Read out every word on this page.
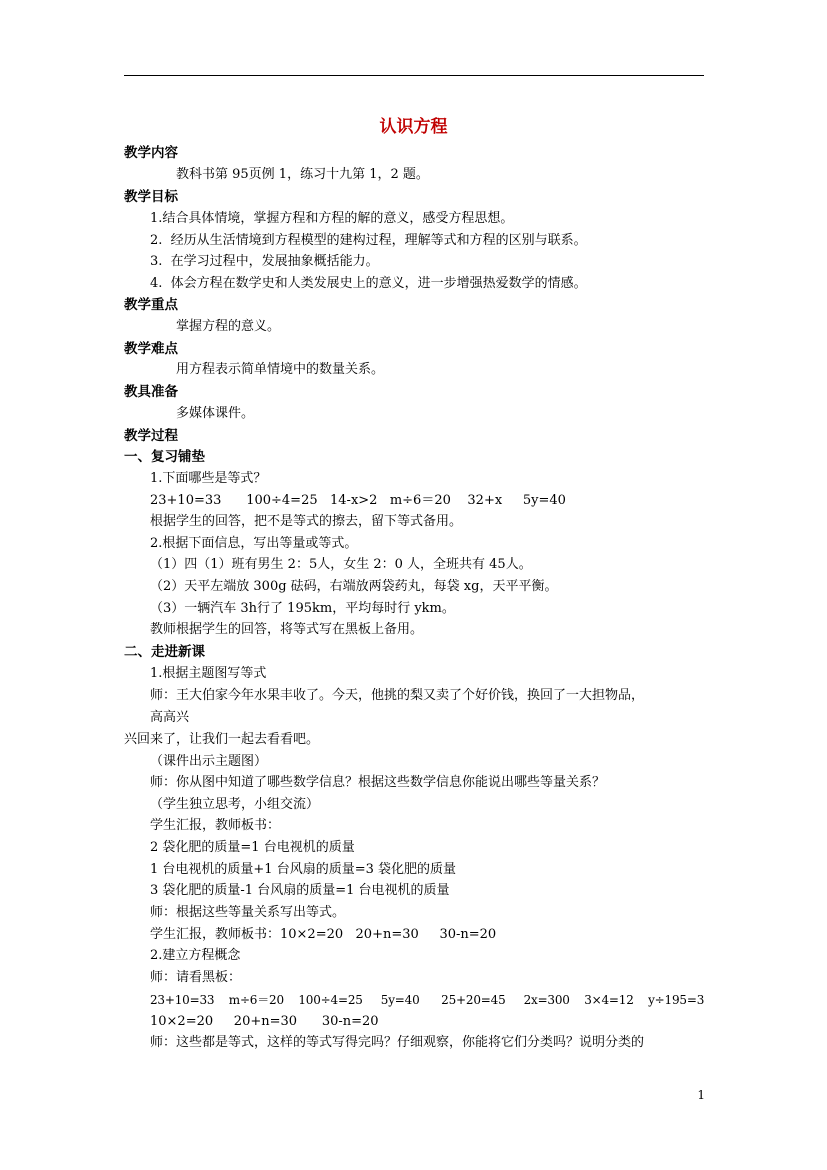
认识方程
教学内容
教科书第 95页例 1，练习十九第 1，2 题。
教学目标
1.结合具体情境，掌握方程和方程的解的意义，感受方程思想。
2.  经历从生活情境到方程模型的建构过程，理解等式和方程的区别与联系。
3.  在学习过程中，发展抽象概括能力。
4.  体会方程在数学史和人类发展史上的意义，进一步增强热爱数学的情感。
教学重点
掌握方程的意义。
教学难点
用方程表示简单情境中的数量关系。
教具准备
多媒体课件。
教学过程
一、复习铺垫
1.下面哪些是等式？
23+10=33      100÷4=25   14-x>2   m÷6＝20    32+x     5y=40
根据学生的回答，把不是等式的擦去，留下等式备用。
2.根据下面信息，写出等量或等式。
（1）四（1）班有男生 2：5人，女生 2：0 人，全班共有 45人。
（2）天平左端放 300g 砝码，右端放两袋药丸，每袋 xg，天平平衡。
（3）一辆汽车 3h行了 195km，平均每时行 ykm。
教师根据学生的回答，将等式写在黑板上备用。
二、走进新课
1.根据主题图写等式
师：王大伯家今年水果丰收了。今天，他挑的梨又卖了个好价钱，换回了一大担物品，
高高兴
兴回来了，让我们一起去看看吧。
（课件出示主题图）
师：你从图中知道了哪些数学信息？根据这些数学信息你能说出哪些等量关系？
（学生独立思考，小组交流）
学生汇报，教师板书：
2 袋化肥的质量=1 台电视机的质量
1 台电视机的质量+1 台风扇的质量=3 袋化肥的质量
3 袋化肥的质量-1 台风扇的质量=1 台电视机的质量
师：根据这些等量关系写出等式。
学生汇报，教师板书：10×2=20   20+n=30     30-n=20
2.建立方程概念
师：请看黑板：
23+10=33    m÷6＝20    100÷4=25     5y=40      25+20=45     2x=300    3×4=12    y÷195=3
10×2=20     20+n=30      30-n=20
师：这些都是等式，这样的等式写得完吗？仔细观察，你能将它们分类吗？说明分类的
1
